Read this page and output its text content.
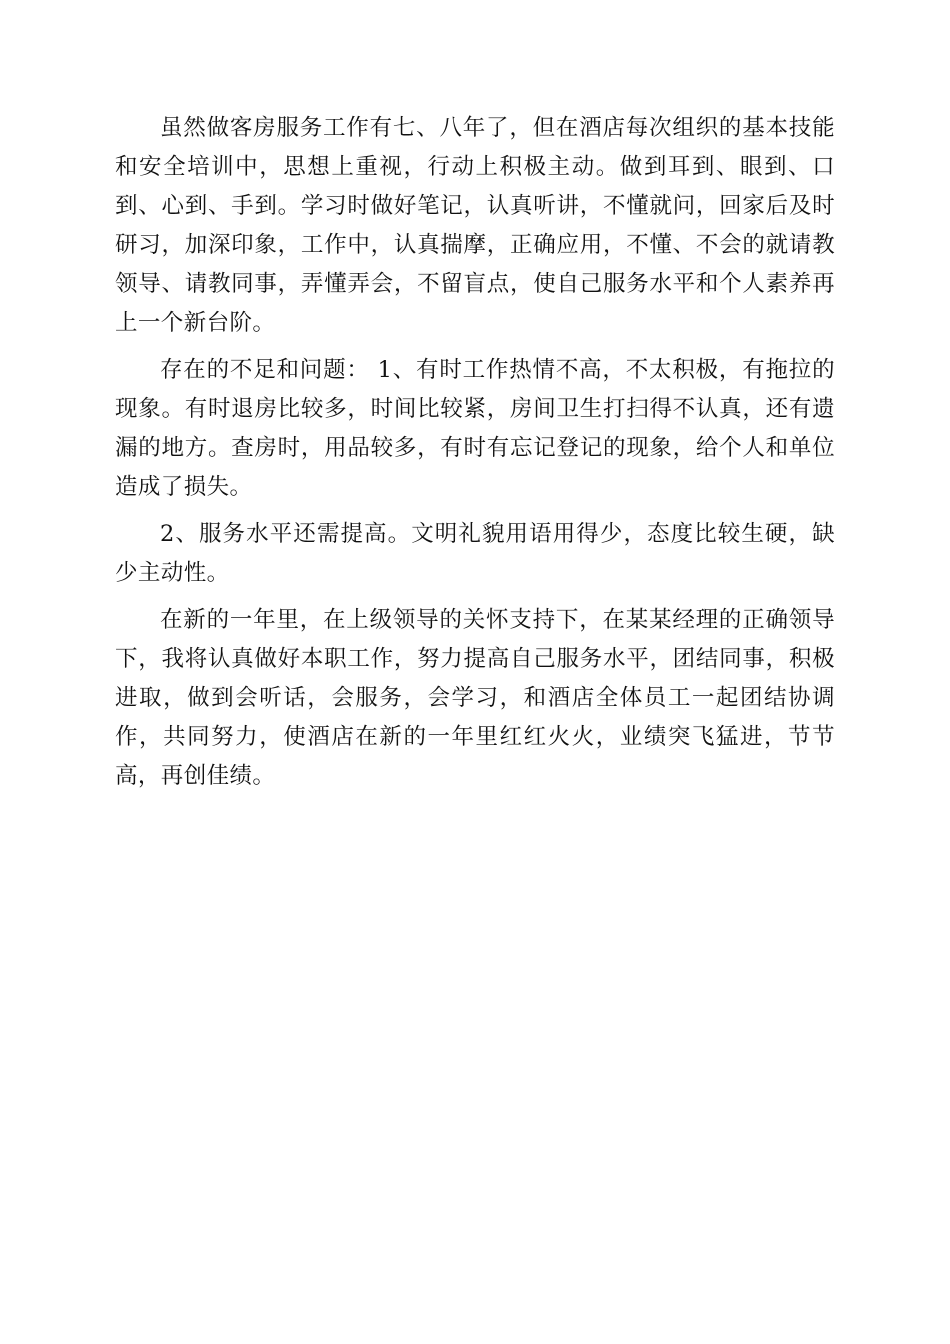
虽然做客房服务工作有七、八年了，但在酒店每次组织的基本技能和安全培训中，思想上重视，行动上积极主动。做到耳到、眼到、口到、心到、手到。学习时做好笔记，认真听讲，不懂就问，回家后及时研习，加深印象，工作中，认真揣摩，正确应用，不懂、不会的就请教领导、请教同事，弄懂弄会，不留盲点，使自己服务水平和个人素养再上一个新台阶。

存在的不足和问题： 1、有时工作热情不高，不太积极，有拖拉的现象。有时退房比较多，时间比较紧，房间卫生打扫得不认真，还有遗漏的地方。查房时，用品较多，有时有忘记登记的现象，给个人和单位造成了损失。

2、服务水平还需提高。文明礼貌用语用得少，态度比较生硬，缺少主动性。

在新的一年里，在上级领导的关怀支持下，在某某经理的正确领导下，我将认真做好本职工作，努力提高自己服务水平，团结同事，积极进取，做到会听话，会服务，会学习，和酒店全体员工一起团结协调作，共同努力，使酒店在新的一年里红红火火，业绩突飞猛进，节节高，再创佳绩。
